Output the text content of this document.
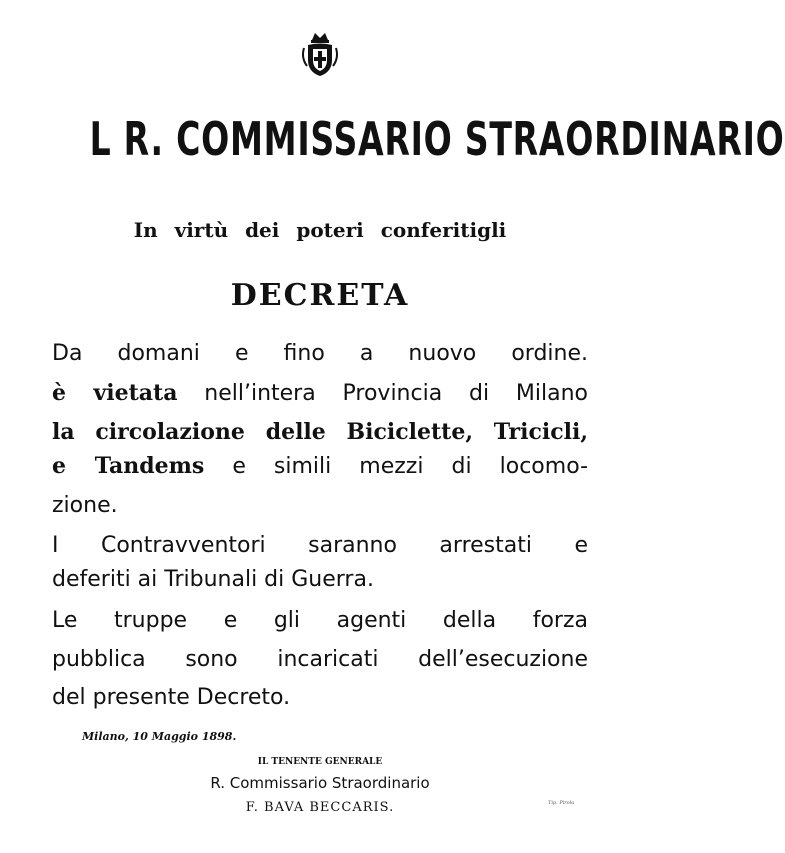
L R. COMMISSARIO STRAORDINARIO
In virtù dei poteri conferitigli
DECRETA
Da domani e fino a nuovo ordine.
è vietata nell’intera Provincia di Milano
la circolazione delle Biciclette, Tricicli,
e Tandems e simili mezzi di locomo-
zione.
I Contravventori saranno arrestati e
deferiti ai Tribunali di Guerra.
Le truppe e gli agenti della forza
pubblica sono incaricati dell’esecuzione
del presente Decreto.
Milano, 10 Maggio 1898.
IL TENENTE GENERALE
R. Commissario Straordinario
F. BAVA BECCARIS.	Tip. Pirola
